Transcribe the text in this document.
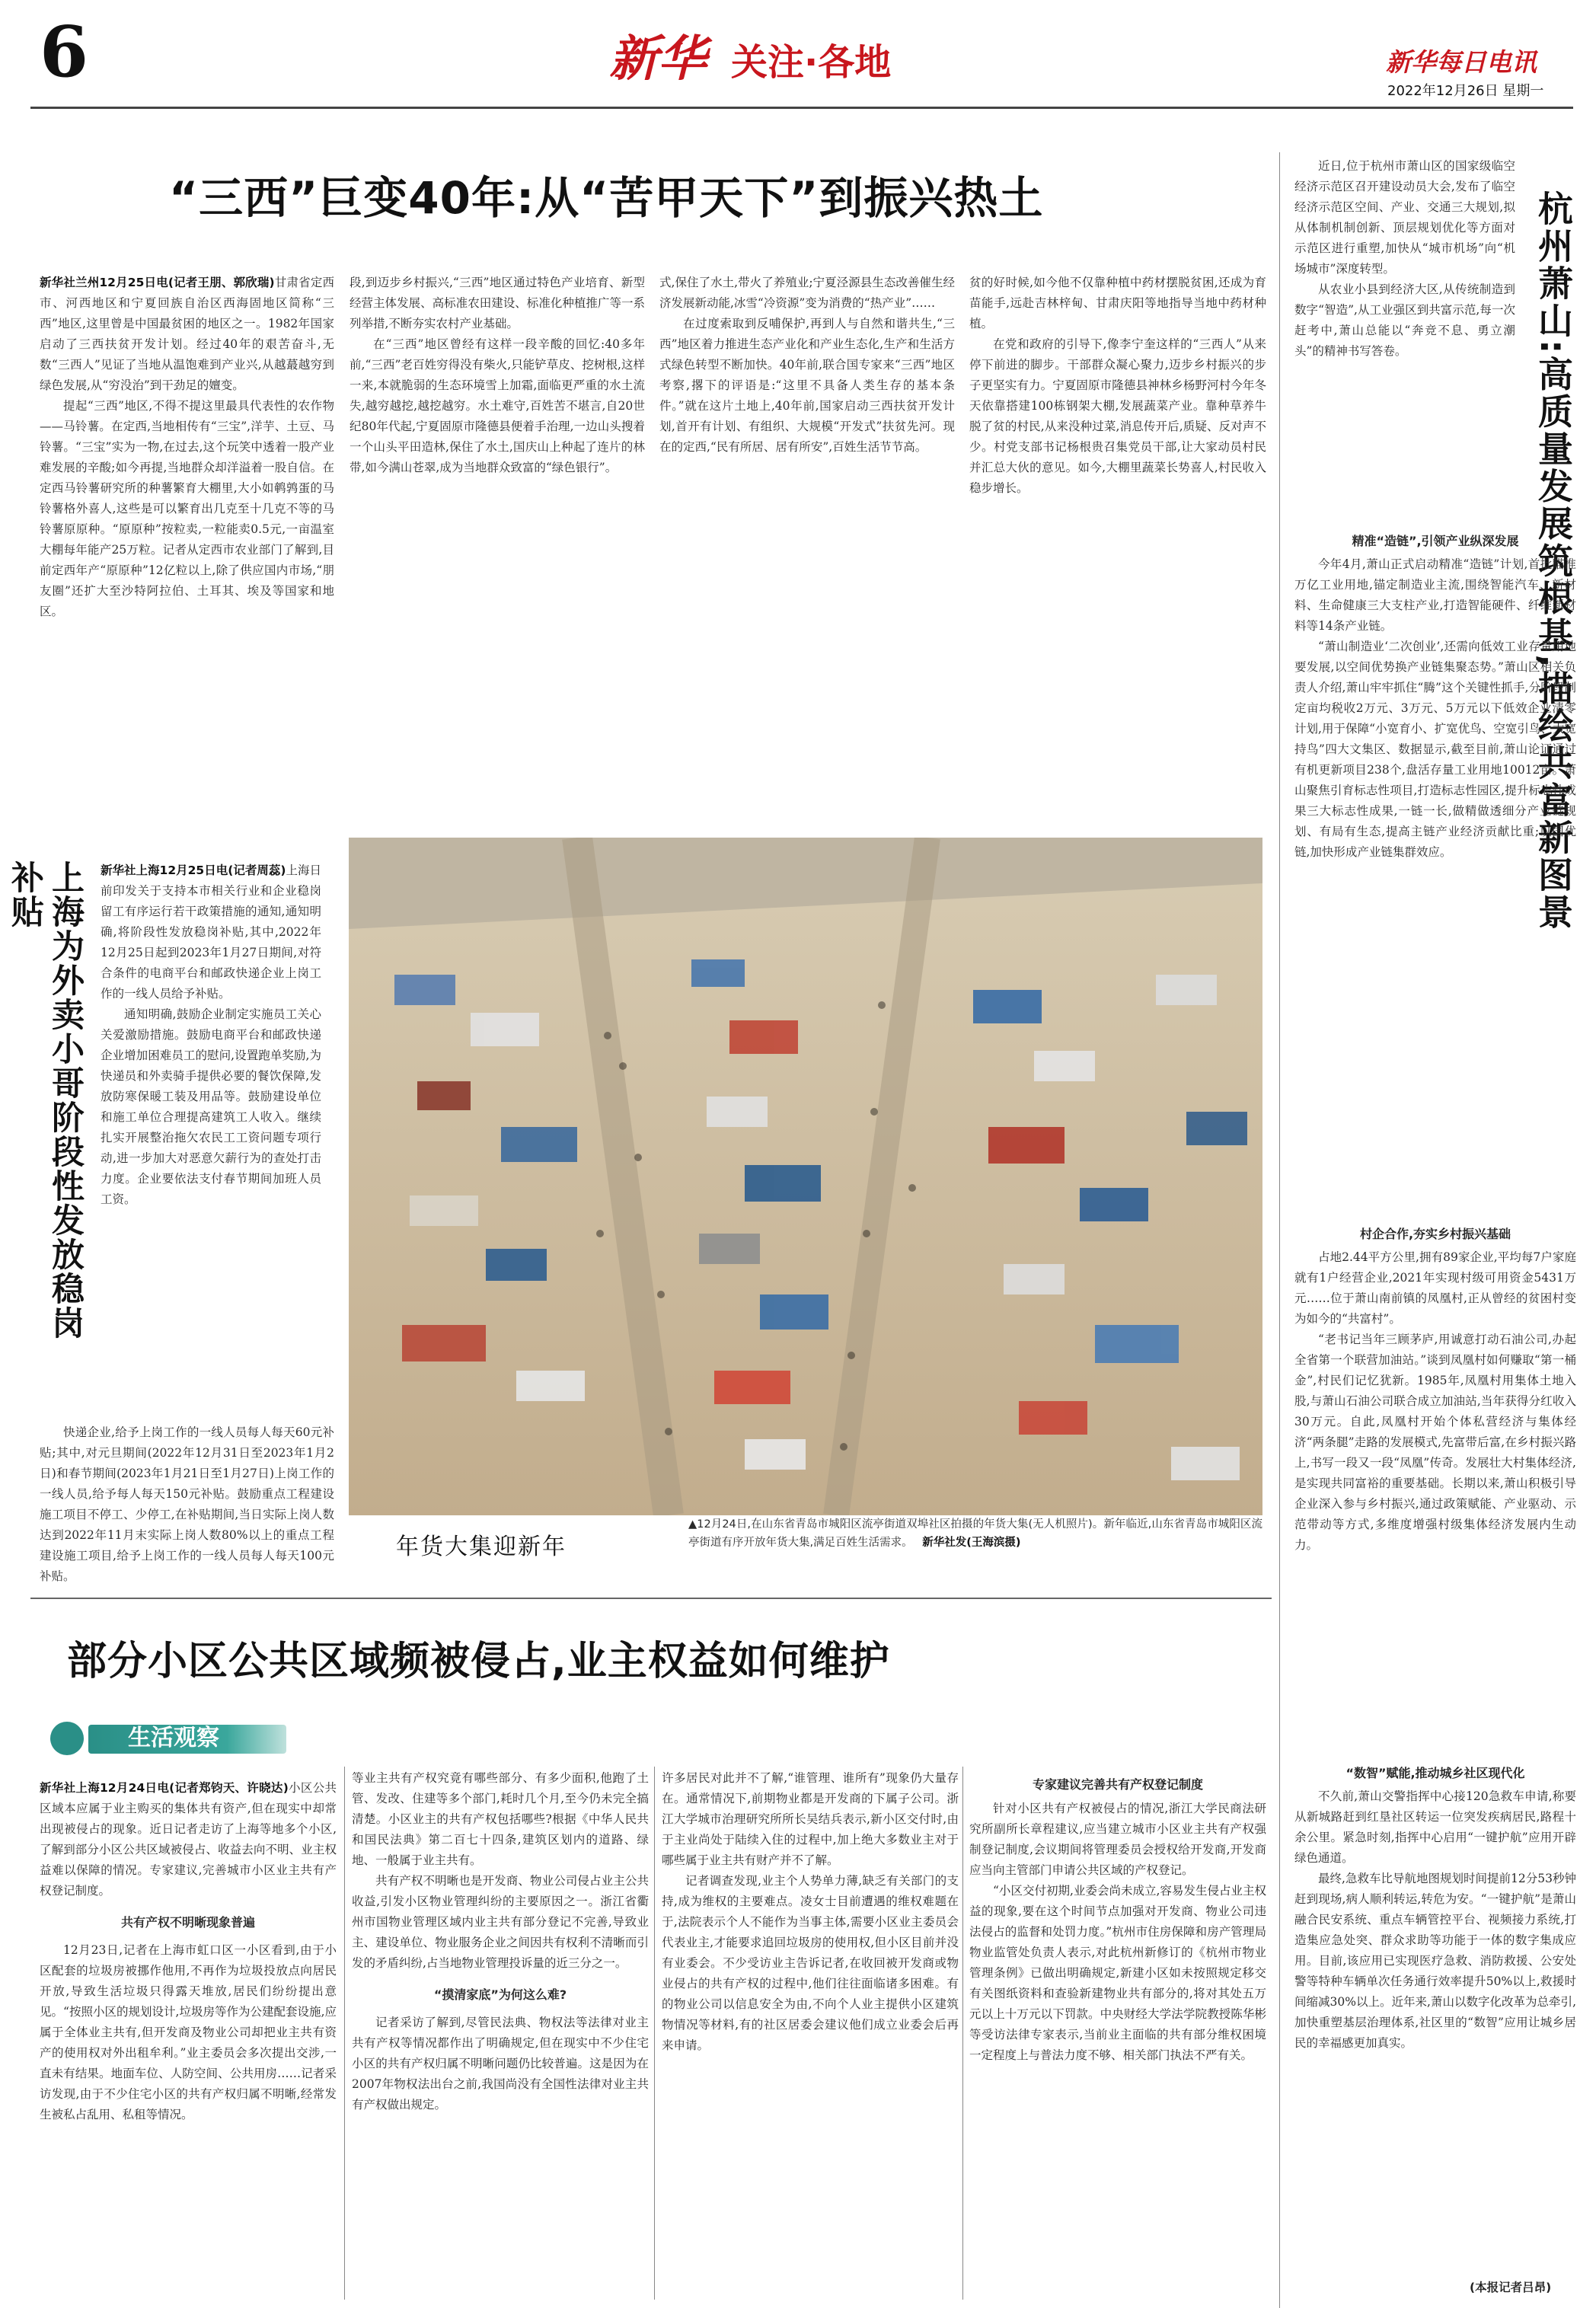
6	新华 关注·各地	新华每日电讯
2022年12月26日 星期一
“三西”巨变40年:从“苦甲天下”到振兴热土
新华社兰州12月25日电(记者王朋、郭欣瑞)甘肃省定西市、河西地区和宁夏回族自治区西海固地区简称“三西”地区,这里曾是中国最贫困的地区之一。1982年国家启动了三西扶贫开发计划。经过40年的艰苦奋斗,无数“三西人”见证了当地从温饱难到产业兴,从越蕞越穷到绿色发展,从“穷没治”到干劲足的嬗变。

提起“三西”地区,不得不提这里最具代表性的农作物——马铃薯。在定西,当地相传有“三宝”,洋芋、土豆、马铃薯。“三宝”实为一物,在过去,这个玩笑中透着一股产业难发展的辛酸;如今再提,当地群众却洋溢着一股自信。在定西马铃薯研究所的种薯繁育大棚里,大小如鹌鹑蛋的马铃薯格外喜人,这些是可以繁育出几克至十几克不等的马铃薯原原种。“原原种”按粒卖,一粒能卖0.5元,一亩温室大棚每年能产25万粒。记者从定西市农业部门了解到,目前定西年产“原原种”12亿粒以上,除了供应国内市场,“朋友圈”还扩大至沙特阿拉伯、土耳其、埃及等国家和地区。

段,到迈步乡村振兴,“三西”地区通过特色产业培育、新型经营主体发展、高标准农田建设、标准化种植推广等一系列举措,不断夯实农村产业基础。

在“三西”地区曾经有这样一段辛酸的回忆:40多年前,“三西”老百姓穷得没有柴火,只能铲草皮、挖树根,这样一来,本就脆弱的生态环境雪上加霜,面临更严重的水土流失,越穷越挖,越挖越穷。水土难守,百姓苦不堪言,自20世纪80年代起,宁夏固原市隆德县便着手治理,一边山头搜着一个山头平田造林,保住了水土,国庆山上种起了连片的林带,如今满山苍翠,成为当地群众致富的“绿色银行”。

式,保住了水土,带火了养殖业;宁夏泾源县生态改善催生经济发展新动能,冰雪“冷资源”变为消费的“热产业”……

在过度索取到反哺保护,再到人与自然和谐共生,“三西”地区着力推进生态产业化和产业生态化,生产和生活方式绿色转型不断加快。40年前,联合国专家来“三西”地区考察,撂下的评语是:“这里不具备人类生存的基本条件。”就在这片土地上,40年前,国家启动三西扶贫开发计划,首开有计划、有组织、大规模“开发式”扶贫先河。现在的定西,“民有所居、居有所安”,百姓生活节节高。

贫的好时候,如今他不仅靠种植中药材摆脱贫困,还成为育苗能手,远赴吉林梓甸、甘肃庆阳等地指导当地中药材种植。

在党和政府的引导下,像李宁奎这样的“三西人”从来停下前进的脚步。干部群众凝心聚力,迈步乡村振兴的步子更坚实有力。宁夏固原市隆德县神林乡杨野河村今年冬天依靠搭建100栋钢架大棚,发展蔬菜产业。靠种草养牛脱了贫的村民,从来没种过菜,消息传开后,质疑、反对声不少。村党支部书记杨根贵召集党员干部,让大家动员村民并汇总大伙的意见。如今,大棚里蔬菜长势喜人,村民收入稳步增长。

上海为外卖小哥阶段性发放稳岗补贴	新华社上海12月25日电(记者周蕊)上海日前印发关于支持本市相关行业和企业稳岗留工有序运行若干政策措施的通知,通知明确,将阶段性发放稳岗补贴,其中,2022年12月25日起到2023年1月27日期间,对符合条件的电商平台和邮政快递企业上岗工作的一线人员给予补贴。

通知明确,鼓励企业制定实施员工关心关爱激励措施。鼓励电商平台和邮政快递企业增加困难员工的慰问,设置跑单奖励,为快递员和外卖骑手提供必要的餐饮保障,发放防寒保暖工装及用品等。鼓励建设单位和施工单位合理提高建筑工人收入。继续扎实开展整治拖欠农民工工资问题专项行动,进一步加大对恶意欠薪行为的查处打击力度。企业要依法支付春节期间加班人员工资。

快递企业,给予上岗工作的一线人员每人每天60元补贴;其中,对元旦期间(2022年12月31日至2023年1月2日)和春节期间(2023年1月21日至1月27日)上岗工作的一线人员,给予每人每天150元补贴。鼓励重点工程建设施工项目不停工、少停工,在补贴期间,当日实际上岗人数达到2022年11月末实际上岗人数80%以上的重点工程建设施工项目,给予上岗工作的一线人员每人每天100元补贴。

年货大集迎新年
▲12月24日,在山东省青岛市城阳区流亭街道双埠社区拍摄的年货大集(无人机照片)。新年临近,山东省青岛市城阳区流亭街道有序开放年货大集,满足百姓生活需求。 新华社发(王海滨摄)

近日,位于杭州市萧山区的国家级临空经济示范区召开建设动员大会,发布了临空经济示范区空间、产业、交通三大规划,拟从体制机制创新、顶层规划优化等方面对示范区进行重塑,加快从“城市机场”向“机场城市”深度转型。

从农业小县到经济大区,从传统制造到数字“智造”,从工业强区到共富示范,每一次赶考中,萧山总能以“奔竞不息、勇立潮头”的精神书写答卷。	杭州萧山:高质量发展筑根基,描绘共富新图景
精准“造链”,引领产业纵深发展

今年4月,萧山正式启动精准“造链”计划,首批瞄准万亿工业用地,锚定制造业主流,围绕智能汽车、新材料、生命健康三大支柱产业,打造智能硬件、纤维新材料等14条产业链。

“萧山制造业‘二次创业’,还需向低效工业存量用地要发展,以空间优势换产业链集聚态势。”萧山区相关负责人介绍,萧山牢牢抓住“腾”这个关键性抓手,分阶段制定亩均税收2万元、3万元、5万元以下低效企业清零计划,用于保障“小宽育小、扩宽优鸟、空宽引鸟、大宽持鸟”四大文集区、数据显示,截至目前,萧山论证通过有机更新项目238个,盘活存量工业用地10012亩。萧山聚焦引育标志性项目,打造标志性园区,提升标志性成果三大标志性成果,一链一长,做精做透细分产业链规划、有局有生态,提高主链产业经济贡献比重;以国优链,加快形成产业链集群效应。

村企合作,夯实乡村振兴基础

占地2.44平方公里,拥有89家企业,平均每7户家庭就有1户经营企业,2021年实现村级可用资金5431万元……位于萧山南前镇的凤凰村,正从曾经的贫困村变为如今的“共富村”。

“老书记当年三顾茅庐,用诚意打动石油公司,办起全省第一个联营加油站。”谈到凤凰村如何赚取“第一桶金”,村民们记忆犹新。1985年,凤凰村用集体土地入股,与萧山石油公司联合成立加油站,当年获得分红收入30万元。自此,凤凰村开始个体私营经济与集体经济“两条腿”走路的发展模式,先富带后富,在乡村振兴路上,书写一段又一段“凤凰”传奇。发展壮大村集体经济,是实现共同富裕的重要基础。长期以来,萧山积极引导企业深入参与乡村振兴,通过政策赋能、产业驱动、示范带动等方式,多维度增强村级集体经济发展内生动力。

“数智”赋能,推动城乡社区现代化

不久前,萧山交警指挥中心接120急救车申请,称要从新城路赶到红垦社区转运一位突发疾病居民,路程十余公里。紧急时刻,指挥中心启用“一键护航”应用开辟绿色通道。

最终,急救车比导航地图规划时间提前12分53秒钟赶到现场,病人顺利转运,转危为安。“一键护航”是萧山融合民安系统、重点车辆管控平台、视频接力系统,打造集应急处突、群众求助等功能于一体的数字集成应用。目前,该应用已实现医疗急救、消防救援、公安处警等特种车辆单次任务通行效率提升50%以上,救援时间缩减30%以上。近年来,萧山以数字化改革为总牵引,加快重塑基层治理体系,社区里的“数智”应用让城乡居民的幸福感更加真实。

(本报记者吕昂)
部分小区公共区域频被侵占,业主权益如何维护
生活观察
新华社上海12月24日电(记者郑钧天、许晓达)小区公共区域本应属于业主购买的集体共有资产,但在现实中却常出现被侵占的现象。近日记者走访了上海等地多个小区,了解到部分小区公共区域被侵占、收益去向不明、业主权益难以保障的情况。专家建议,完善城市小区业主共有产权登记制度。
共有产权不明晰现象普遍

12月23日,记者在上海市虹口区一小区看到,由于小区配套的垃圾房被挪作他用,不再作为垃圾投放点向居民开放,导致生活垃圾只得露天堆放,居民们纷纷提出意见。“按照小区的规划设计,垃圾房等作为公建配套设施,应属于全体业主共有,但开发商及物业公司却把业主共有资产的使用权对外出租牟利。”业主委员会多次提出交涉,一直未有结果。地面车位、人防空间、公共用房……记者采访发现,由于不少住宅小区的共有产权归属不明晰,经常发生被私占乱用、私租等情况。

等业主共有产权究竟有哪些部分、有多少面积,他跑了土管、发改、住建等多个部门,耗时几个月,至今仍未完全搞清楚。小区业主的共有产权包括哪些?根据《中华人民共和国民法典》第二百七十四条,建筑区划内的道路、绿地、一般属于业主共有。

共有产权不明晰也是开发商、物业公司侵占业主公共收益,引发小区物业管理纠纷的主要原因之一。浙江省衢州市国物业管理区域内业主共有部分登记不完善,导致业主、建设单位、物业服务企业之间因共有权利不清晰而引发的矛盾纠纷,占当地物业管理投诉量的近三分之一。

“摸清家底”为何这么难?

记者采访了解到,尽管民法典、物权法等法律对业主共有产权等情况都作出了明确规定,但在现实中不少住宅小区的共有产权归属不明晰问题仍比较普遍。这是因为在2007年物权法出台之前,我国尚没有全国性法律对业主共有产权做出规定。

许多居民对此并不了解,“谁管理、谁所有”现象仍大量存在。通常情况下,前期物业都是开发商的下属子公司。浙江大学城市治理研究所所长吴结兵表示,新小区交付时,由于主业尚处于陆续入住的过程中,加上绝大多数业主对于哪些属于业主共有财产并不了解。

记者调查发现,业主个人势单力薄,缺乏有关部门的支持,成为维权的主要难点。凌女士目前遭遇的维权难题在于,法院表示个人不能作为当事主体,需要小区业主委员会代表业主,才能要求追回垃圾房的使用权,但小区目前并没有业委会。不少受访业主告诉记者,在收回被开发商或物业侵占的共有产权的过程中,他们往往面临诸多困难。有的物业公司以信息安全为由,不向个人业主提供小区建筑物情况等材料,有的社区居委会建议他们成立业委会后再来申请。

专家建议完善共有产权登记制度

针对小区共有产权被侵占的情况,浙江大学民商法研究所副所长章程建议,应当建立城市小区业主共有产权强制登记制度,会议期间将管理委员会授权给开发商,开发商应当向主管部门申请公共区域的产权登记。

“小区交付初期,业委会尚未成立,容易发生侵占业主权益的现象,要在这个时间节点加强对开发商、物业公司违法侵占的监督和处罚力度。”杭州市住房保障和房产管理局物业监管处负责人表示,对此杭州新修订的《杭州市物业管理条例》已做出明确规定,新建小区如未按照规定移交有关图纸资料和查验新建物业共有部分的,将对其处五万元以上十万元以下罚款。中央财经大学法学院教授陈华彬等受访法律专家表示,当前业主面临的共有部分维权困境一定程度上与普法力度不够、相关部门执法不严有关。
